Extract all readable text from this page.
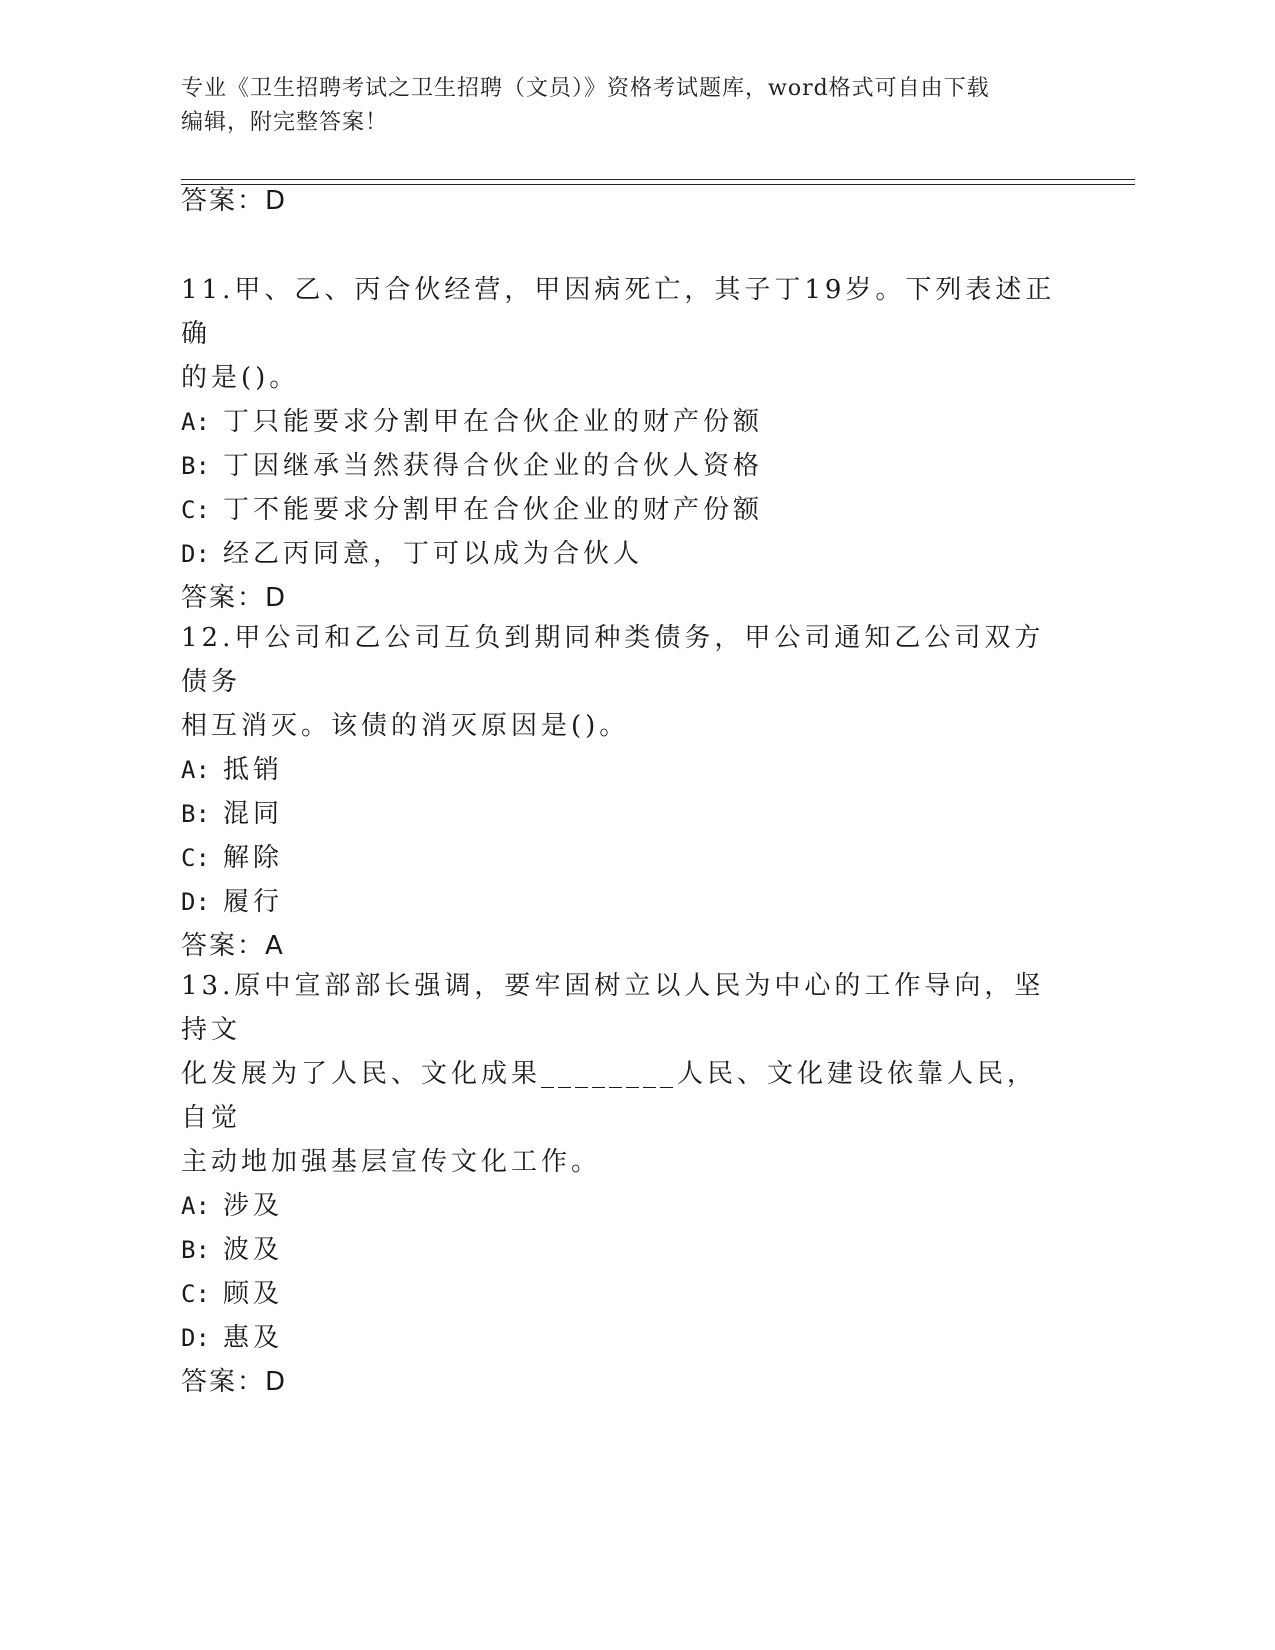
专业《卫生招聘考试之卫生招聘（文员）》资格考试题库，word格式可自由下载
编辑，附完整答案！
答案：D

11.甲、乙、丙合伙经营，甲因病死亡，其子丁19岁。下列表述正确

的是()。

A: 丁只能要求分割甲在合伙企业的财产份额

B: 丁因继承当然获得合伙企业的合伙人资格

C: 丁不能要求分割甲在合伙企业的财产份额

D: 经乙丙同意，丁可以成为合伙人

答案：D

12.甲公司和乙公司互负到期同种类债务，甲公司通知乙公司双方债务

相互消灭。该债的消灭原因是()。

A: 抵销

B: 混同

C: 解除

D: 履行

答案：A

13.原中宣部部长强调，要牢固树立以人民为中心的工作导向，坚持文

化发展为了人民、文化成果________人民、文化建设依靠人民，自觉

主动地加强基层宣传文化工作。

A: 涉及

B: 波及

C: 顾及

D: 惠及

答案：D
